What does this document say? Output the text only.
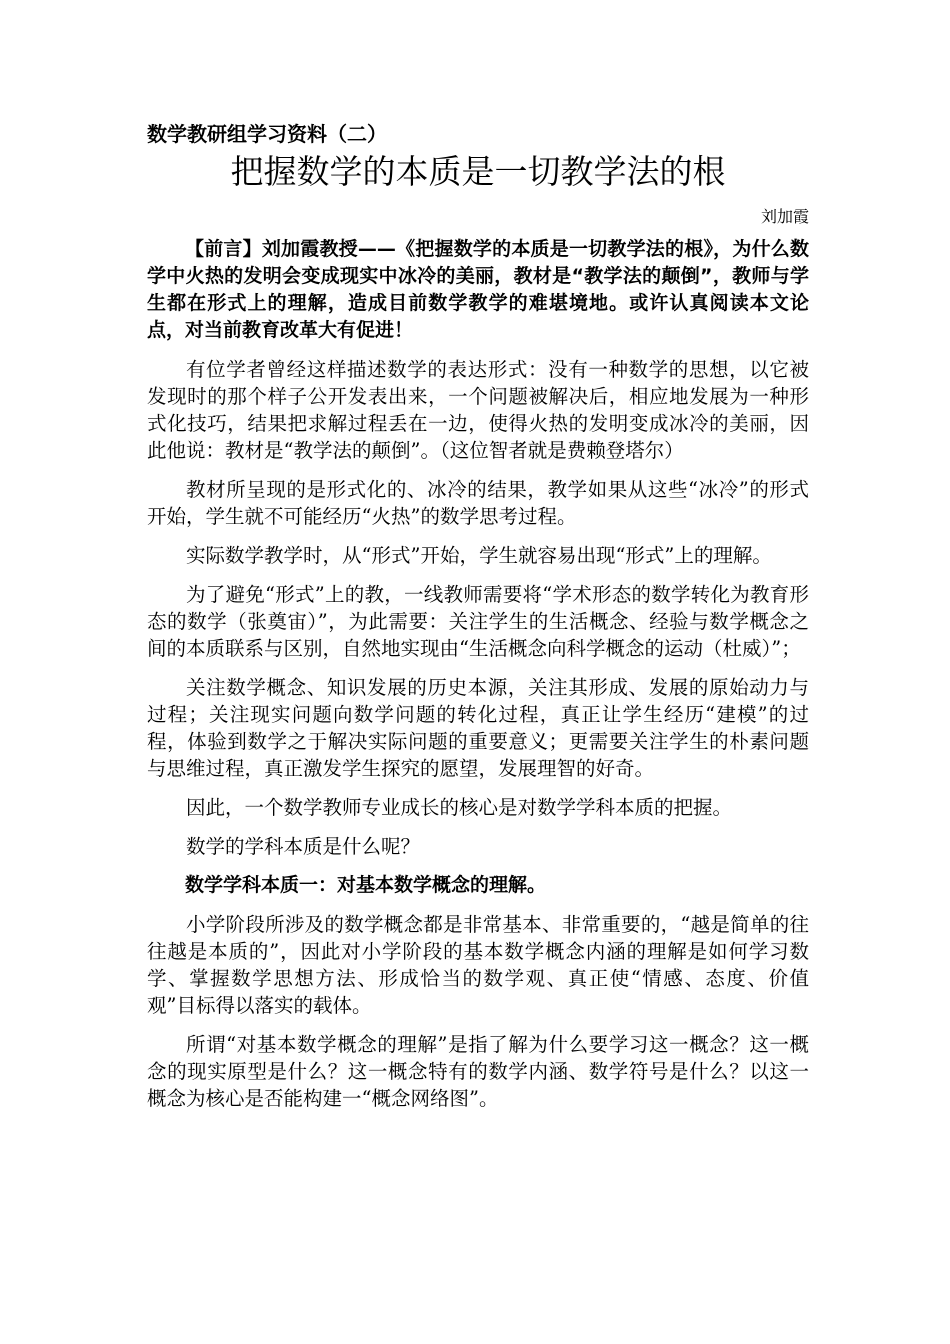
数学教研组学习资料（二）

把握数学的本质是一切教学法的根

刘加霞

【前言】刘加霞教授——《把握数学的本质是一切教学法的根》，为什么数学中火热的发明会变成现实中冰冷的美丽，教材是“教学法的颠倒”，教师与学生都在形式上的理解，造成目前数学教学的难堪境地。或许认真阅读本文论点，对当前教育改革大有促进！

有位学者曾经这样描述数学的表达形式：没有一种数学的思想，以它被发现时的那个样子公开发表出来，一个问题被解决后，相应地发展为一种形式化技巧，结果把求解过程丢在一边，使得火热的发明变成冰冷的美丽，因此他说：教材是“教学法的颠倒”。（这位智者就是费赖登塔尔）

教材所呈现的是形式化的、冰冷的结果，教学如果从这些“冰冷”的形式开始，学生就不可能经历“火热”的数学思考过程。

实际数学教学时，从“形式”开始，学生就容易出现“形式”上的理解。

为了避免“形式”上的教，一线教师需要将“学术形态的数学转化为教育形态的数学（张奠宙）”，为此需要：关注学生的生活概念、经验与数学概念之间的本质联系与区别，自然地实现由“生活概念向科学概念的运动（杜威）”；

关注数学概念、知识发展的历史本源，关注其形成、发展的原始动力与过程；关注现实问题向数学问题的转化过程，真正让学生经历“建模”的过程，体验到数学之于解决实际问题的重要意义；更需要关注学生的朴素问题与思维过程，真正激发学生探究的愿望，发展理智的好奇。

因此，一个数学教师专业成长的核心是对数学学科本质的把握。

数学的学科本质是什么呢？

数学学科本质一：对基本数学概念的理解。

小学阶段所涉及的数学概念都是非常基本、非常重要的，“越是简单的往往越是本质的”，因此对小学阶段的基本数学概念内涵的理解是如何学习数学、掌握数学思想方法、形成恰当的数学观、真正使“情感、态度、价值观”目标得以落实的载体。

所谓“对基本数学概念的理解”是指了解为什么要学习这一概念？这一概念的现实原型是什么？这一概念特有的数学内涵、数学符号是什么？以这一概念为核心是否能构建一“概念网络图”。
